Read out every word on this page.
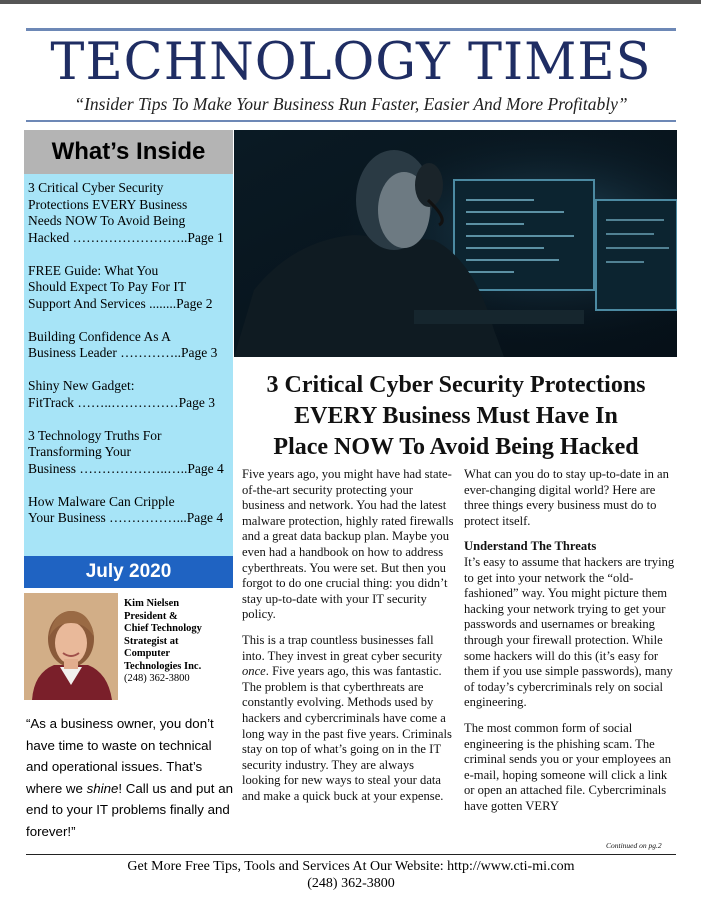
TECHNOLOGY TIMES
“Insider Tips To Make Your Business Run Faster, Easier And More Profitably”
What’s Inside
3 Critical Cyber Security
Protections EVERY Business
Needs NOW To Avoid Being
Hacked ……………………..Page 1
FREE Guide: What You
Should Expect To Pay For IT
Support And Services ........Page 2
Building Confidence As A
Business Leader …………..Page 3
Shiny New Gadget:
FitTrack ……..……………Page 3
3 Technology Truths For
Transforming Your
Business ………………..…..Page 4
How Malware Can Cripple
Your Business ……………...Page 4
July 2020
Kim Nielsen
President &
Chief Technology
Strategist at
Computer
Technologies Inc.
(248) 362-3800
“As a business owner, you don’t have time to waste on technical and operational issues. That’s where we shine! Call us and put an end to your IT problems finally and forever!”
3 Critical Cyber Security Protections
EVERY Business Must Have In
Place NOW To Avoid Being Hacked

Five years ago, you might have had state-of-the-art security protecting your business and network. You had the latest malware protection, highly rated firewalls and a great data backup plan. Maybe you even had a handbook on how to address cyberthreats. You were set. But then you forgot to do one crucial thing: you didn’t stay up-to-date with your IT security policy.

This is a trap countless businesses fall into. They invest in great cyber security once. Five years ago, this was fantastic. The problem is that cyberthreats are constantly evolving. Methods used by hackers and cybercriminals have come a long way in the past five years. Criminals stay on top of what’s going on in the IT security industry. They are always looking for new ways to steal your data and make a quick buck at your expense.

What can you do to stay up-to-date in an ever-changing digital world? Here are three things every business must do to protect itself.

Understand The Threats
It’s easy to assume that hackers are trying to get into your network the “old-fashioned” way. You might picture them hacking your network trying to get your passwords and usernames or breaking through your firewall protection. While some hackers will do this (it’s easy for them if you use simple passwords), many of today’s cybercriminals rely on social engineering.

The most common form of social engineering is the phishing scam. The criminal sends you or your employees an e-mail, hoping someone will click a link or open an attached file. Cybercriminals have gotten VERY

Continued on pg.2
Get More Free Tips, Tools and Services At Our Website: http://www.cti-mi.com
(248) 362-3800
